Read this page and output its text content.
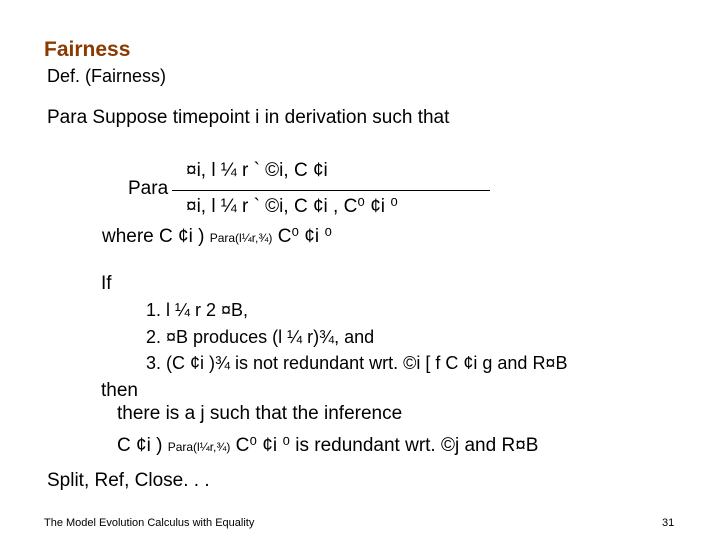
Fairness
Def. (Fairness)
Para Suppose timepoint i in derivation such that
Para
¤i, l ¼ r ` ©i, C ¢i
¤i, l ¼ r ` ©i, C ¢i , C⁰ ¢i ⁰
where C ¢i ) Para(l¼r,¾) C⁰ ¢i ⁰
If
1. l ¼ r 2 ¤B,
2. ¤B produces (l ¼ r)¾, and
3. (C ¢i )¾ is not redundant wrt. ©i [ f C ¢i g and R¤B
then
there is a j such that the inference
C ¢i ) Para(l¼r,¾) C⁰ ¢i ⁰ is redundant wrt. ©j and R¤B
Split, Ref, Close. . .
The Model Evolution Calculus with Equality	31
